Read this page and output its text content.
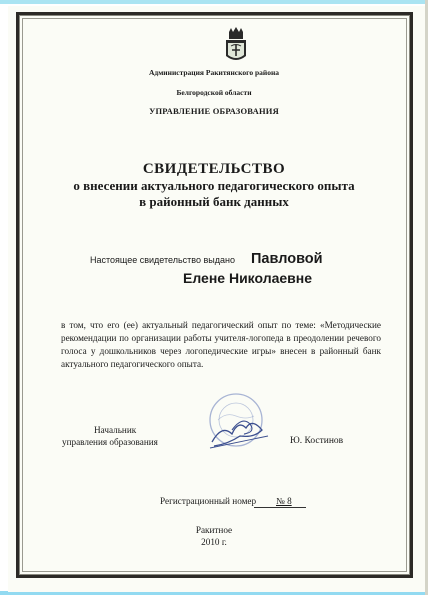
Администрация Ракитянского района
Белгородской области
УПРАВЛЕНИЕ ОБРАЗОВАНИЯ
СВИДЕТЕЛЬСТВО
о внесении актуального педагогического опыта
в районный банк данных
Настоящее свидетельство выдано Павловой
Елене Николаевне
в том, что его (ее) актуальный педагогический опыт по теме: «Методические рекомендации по организации работы учителя-логопеда в преодолении речевого голоса у дошкольников через логопедические игры» внесен в районный банк актуального педагогического опыта.
Начальник
управления образования	Ю. Костинов
Регистрационный номер № 8
Ракитное
2010 г.
